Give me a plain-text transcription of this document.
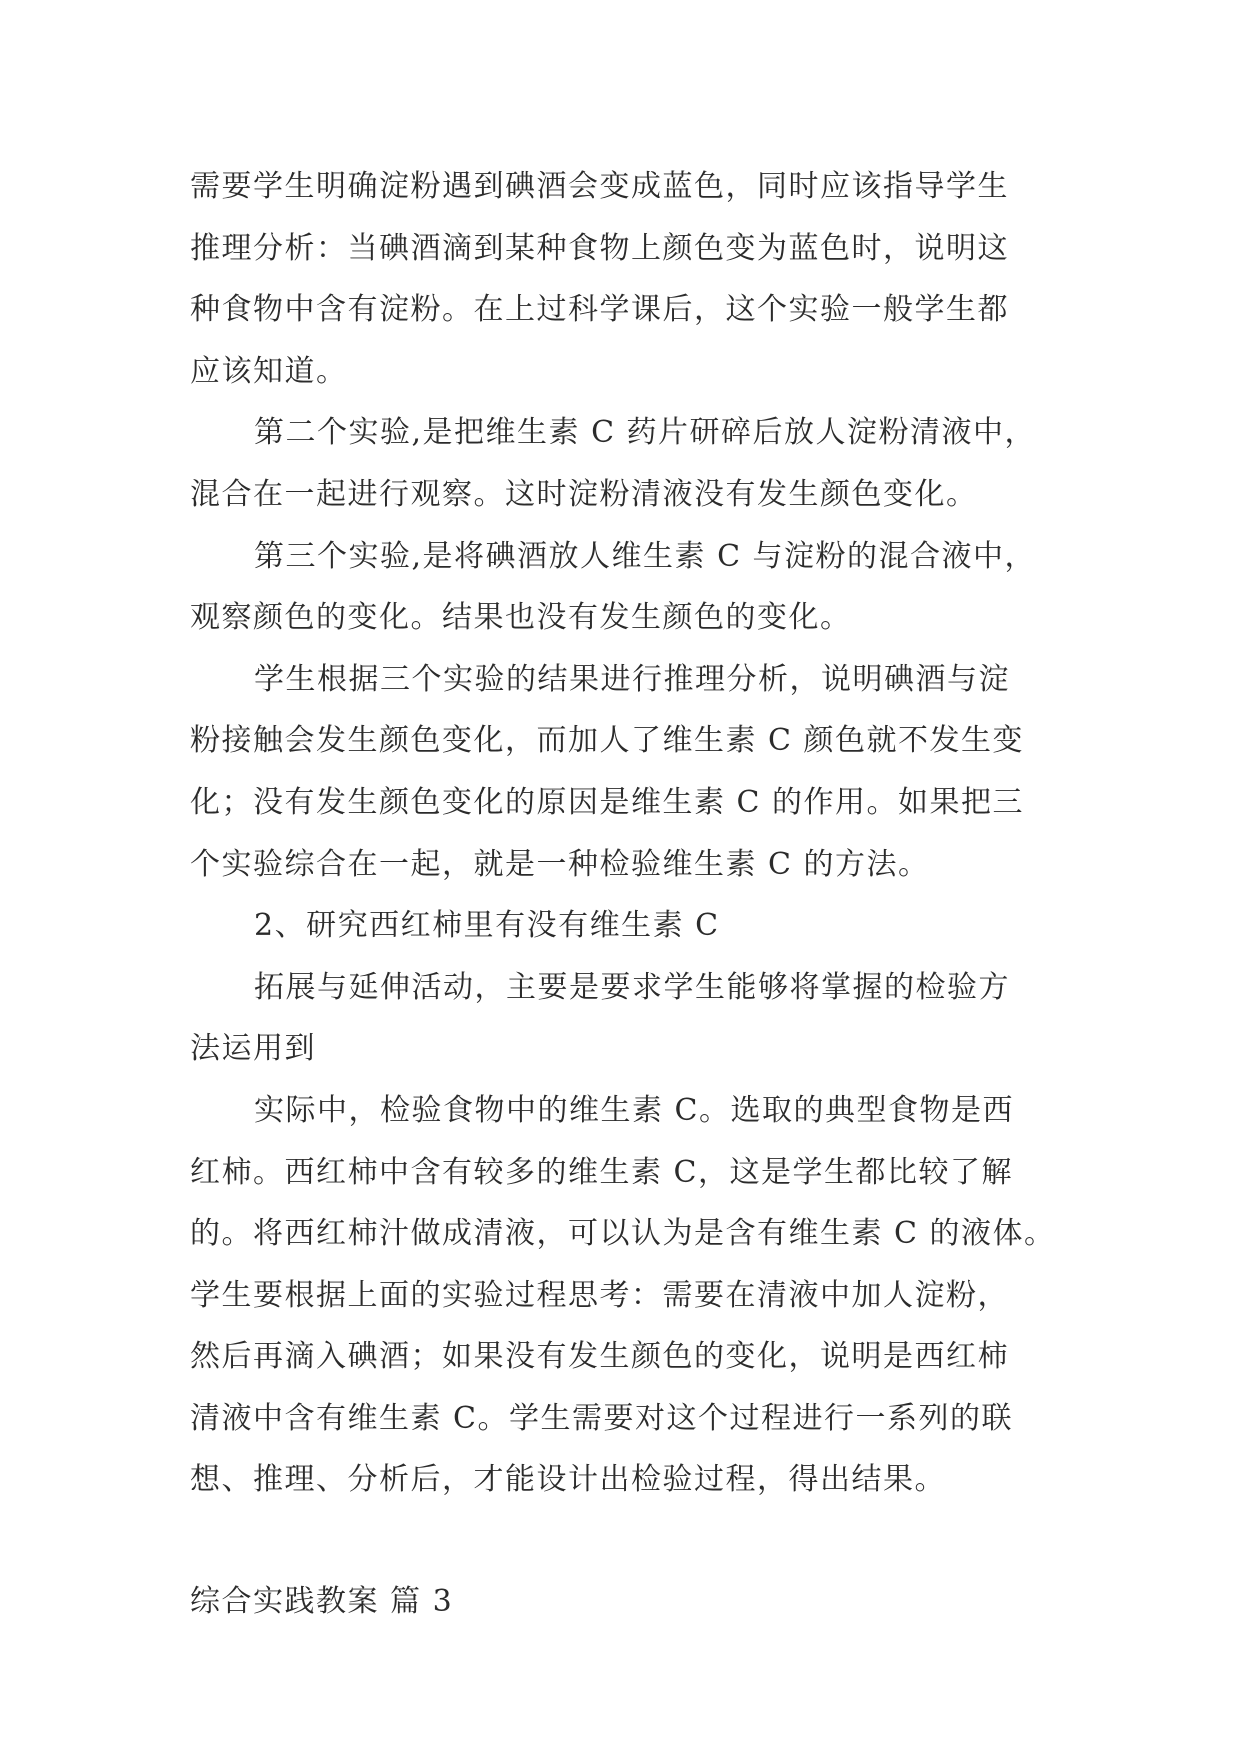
需要学生明确淀粉遇到碘酒会变成蓝色，同时应该指导学生
推理分析：当碘酒滴到某种食物上颜色变为蓝色时，说明这
种食物中含有淀粉。在上过科学课后，这个实验一般学生都
应该知道。

第二个实验,是把维生素 C 药片研碎后放人淀粉清液中，
混合在一起进行观察。这时淀粉清液没有发生颜色变化。

第三个实验,是将碘酒放人维生素 C 与淀粉的混合液中，
观察颜色的变化。结果也没有发生颜色的变化。

学生根据三个实验的结果进行推理分析，说明碘酒与淀
粉接触会发生颜色变化，而加人了维生素 C 颜色就不发生变
化；没有发生颜色变化的原因是维生素 C 的作用。如果把三
个实验综合在一起，就是一种检验维生素 C 的方法。

2、研究西红柿里有没有维生素 C

拓展与延伸活动，主要是要求学生能够将掌握的检验方
法运用到

实际中，检验食物中的维生素 C。选取的典型食物是西
红柿。西红柿中含有较多的维生素 C，这是学生都比较了解
的。将西红柿汁做成清液，可以认为是含有维生素 C 的液体。
学生要根据上面的实验过程思考：需要在清液中加人淀粉，
然后再滴入碘酒；如果没有发生颜色的变化，说明是西红柿
清液中含有维生素 C。学生需要对这个过程进行一系列的联
想、推理、分析后，才能设计出检验过程，得出结果。

综合实践教案 篇 3
